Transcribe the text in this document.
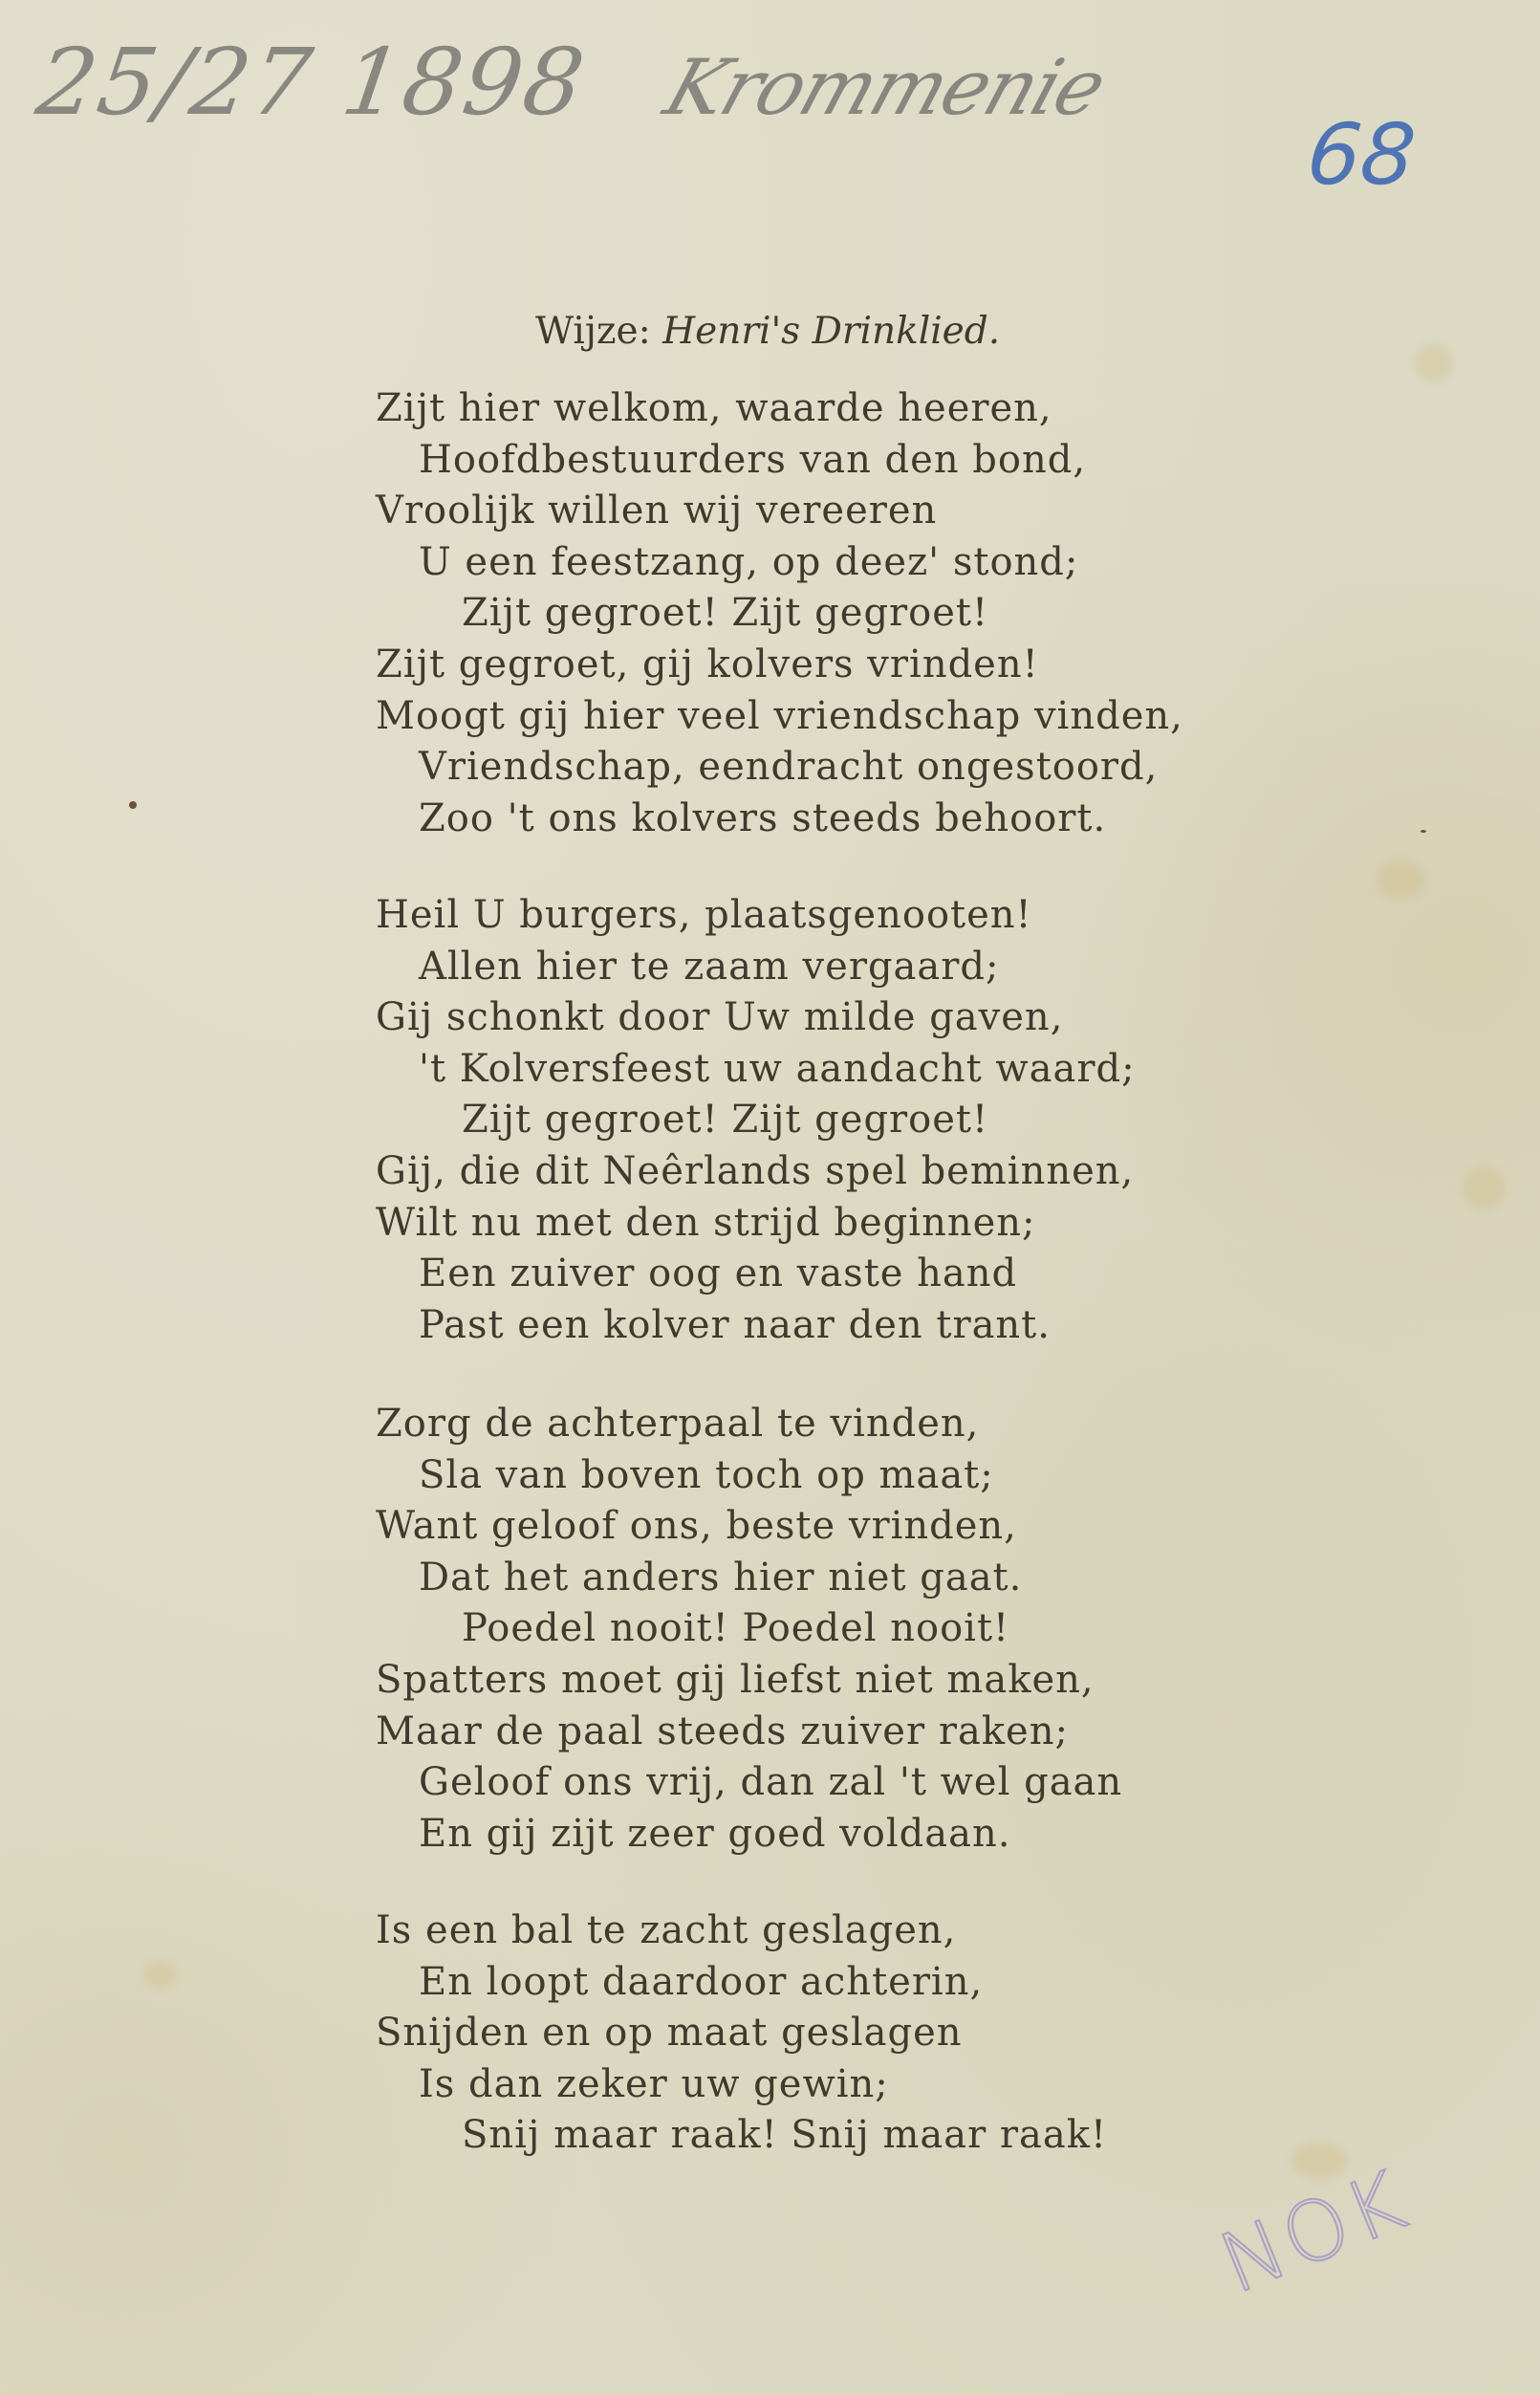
25/27 1898 Krommenie
68
NOK
Wijze: Henri's Drinklied.
Zijt hier welkom, waarde heeren,
Hoofdbestuurders van den bond,
Vroolijk willen wij vereeren
U een feestzang, op deez' stond;
Zijt gegroet! Zijt gegroet!
Zijt gegroet, gij kolvers vrinden!
Moogt gij hier veel vriendschap vinden,
Vriendschap, eendracht ongestoord,
Zoo 't ons kolvers steeds behoort.
Heil U burgers, plaatsgenooten!
Allen hier te zaam vergaard;
Gij schonkt door Uw milde gaven,
't Kolversfeest uw aandacht waard;
Zijt gegroet! Zijt gegroet!
Gij, die dit Neêrlands spel beminnen,
Wilt nu met den strijd beginnen;
Een zuiver oog en vaste hand
Past een kolver naar den trant.
Zorg de achterpaal te vinden,
Sla van boven toch op maat;
Want geloof ons, beste vrinden,
Dat het anders hier niet gaat.
Poedel nooit! Poedel nooit!
Spatters moet gij liefst niet maken,
Maar de paal steeds zuiver raken;
Geloof ons vrij, dan zal 't wel gaan
En gij zijt zeer goed voldaan.
Is een bal te zacht geslagen,
En loopt daardoor achterin,
Snijden en op maat geslagen
Is dan zeker uw gewin;
Snij maar raak! Snij maar raak!
